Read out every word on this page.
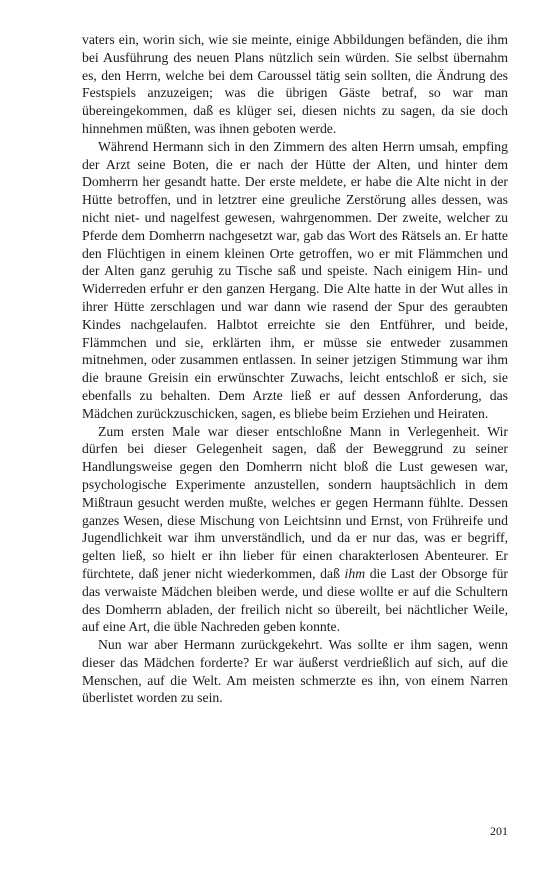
vaters ein, worin sich, wie sie meinte, einige Abbildungen befänden, die ihm bei Ausführung des neuen Plans nützlich sein würden. Sie selbst übernahm es, den Herrn, welche bei dem Caroussel tätig sein sollten, die Ändrung des Festspiels anzuzeigen; was die übrigen Gäste betraf, so war man übereingekommen, daß es klüger sei, diesen nichts zu sagen, da sie doch hinnehmen müßten, was ihnen geboten werde.

Während Hermann sich in den Zimmern des alten Herrn umsah, empfing der Arzt seine Boten, die er nach der Hütte der Alten, und hinter dem Domherrn her gesandt hatte. Der erste meldete, er habe die Alte nicht in der Hütte betroffen, und in letztrer eine greuliche Zerstörung alles dessen, was nicht niet- und nagelfest gewesen, wahrgenommen. Der zweite, welcher zu Pferde dem Domherrn nachgesetzt war, gab das Wort des Rätsels an. Er hatte den Flüchtigen in einem kleinen Orte getroffen, wo er mit Flämmchen und der Alten ganz geruhig zu Tische saß und speiste. Nach einigem Hin- und Widerreden erfuhr er den ganzen Hergang. Die Alte hatte in der Wut alles in ihrer Hütte zerschlagen und war dann wie rasend der Spur des geraubten Kindes nachgelaufen. Halbtot erreichte sie den Entführer, und beide, Flämmchen und sie, erklärten ihm, er müsse sie entweder zusammen mitnehmen, oder zusammen entlassen. In seiner jetzigen Stimmung war ihm die braune Greisin ein erwünschter Zuwachs, leicht entschloß er sich, sie ebenfalls zu behalten. Dem Arzte ließ er auf dessen Anforderung, das Mädchen zurückzuschicken, sagen, es bliebe beim Erziehen und Heiraten.

Zum ersten Male war dieser entschloßne Mann in Verlegenheit. Wir dürfen bei dieser Gelegenheit sagen, daß der Beweggrund zu seiner Handlungsweise gegen den Domherrn nicht bloß die Lust gewesen war, psychologische Experimente anzustellen, sondern hauptsächlich in dem Mißtraun gesucht werden mußte, welches er gegen Hermann fühlte. Dessen ganzes Wesen, diese Mischung von Leichtsinn und Ernst, von Frühreife und Jugendlichkeit war ihm unverständlich, und da er nur das, was er begriff, gelten ließ, so hielt er ihn lieber für einen charakterlosen Abenteurer. Er fürchtete, daß jener nicht wiederkommen, daß ihm die Last der Obsorge für das verwaiste Mädchen bleiben werde, und diese wollte er auf die Schultern des Domherrn abladen, der freilich nicht so übereilt, bei nächtlicher Weile, auf eine Art, die üble Nachreden geben konnte.

Nun war aber Hermann zurückgekehrt. Was sollte er ihm sagen, wenn dieser das Mädchen forderte? Er war äußerst verdrießlich auf sich, auf die Menschen, auf die Welt. Am meisten schmerzte es ihn, von einem Narren überlistet worden zu sein.

201
